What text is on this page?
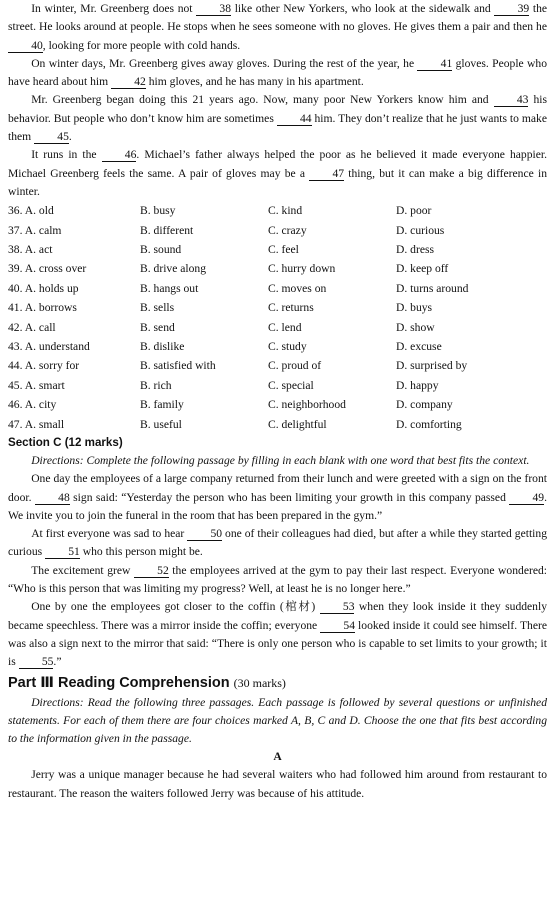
In winter, Mr. Greenberg does not 38 like other New Yorkers, who look at the sidewalk and 39 the street. He looks around at people. He stops when he sees someone with no gloves. He gives them a pair and then he 40, looking for more people with cold hands.

On winter days, Mr. Greenberg gives away gloves. During the rest of the year, he 41 gloves. People who have heard about him 42 him gloves, and he has many in his apartment.

Mr. Greenberg began doing this 21 years ago. Now, many poor New Yorkers know him and 43 his behavior. But people who don’t know him are sometimes 44 him. They don’t realize that he just wants to make them 45.

It runs in the 46. Michael’s father always helped the poor as he believed it made everyone happier. Michael Greenberg feels the same. A pair of gloves may be a 47 thing, but it can make a big difference in winter.

36. A. old	B. busy	C. kind	D. poor
37. A. calm	B. different	C. crazy	D. curious
38. A. act	B. sound	C. feel	D. dress
39. A. cross over	B. drive along	C. hurry down	D. keep off
40. A. holds up	B. hangs out	C. moves on	D. turns around
41. A. borrows	B. sells	C. returns	D. buys
42. A. call	B. send	C. lend	D. show
43. A. understand	B. dislike	C. study	D. excuse
44. A. sorry for	B. satisfied with	C. proud of	D. surprised by
45. A. smart	B. rich	C. special	D. happy
46. A. city	B. family	C. neighborhood	D. company
47. A. small	B. useful	C. delightful	D. comforting

Section C (12 marks)

Directions: Complete the following passage by filling in each blank with one word that best fits the context.

One day the employees of a large company returned from their lunch and were greeted with a sign on the front door. 48 sign said: “Yesterday the person who has been limiting your growth in this company passed 49. We invite you to join the funeral in the room that has been prepared in the gym.”

At first everyone was sad to hear 50 one of their colleagues had died, but after a while they started getting curious 51 who this person might be.

The excitement grew 52 the employees arrived at the gym to pay their last respect. Everyone wondered: “Who is this person that was limiting my progress? Well, at least he is no longer here.”

One by one the employees got closer to the coffin (棺材) 53 when they look inside it they suddenly became speechless. There was a mirror inside the coffin; everyone 54 looked inside it could see himself. There was also a sign next to the mirror that said: “There is only one person who is capable to set limits to your growth; it is 55.”

Part Ⅲ Reading Comprehension (30 marks)

Directions: Read the following three passages. Each passage is followed by several questions or unfinished statements. For each of them there are four choices marked A, B, C and D. Choose the one that fits best according to the information given in the passage.

A

Jerry was a unique manager because he had several waiters who had followed him around from restaurant to restaurant. The reason the waiters followed Jerry was because of his attitude.
